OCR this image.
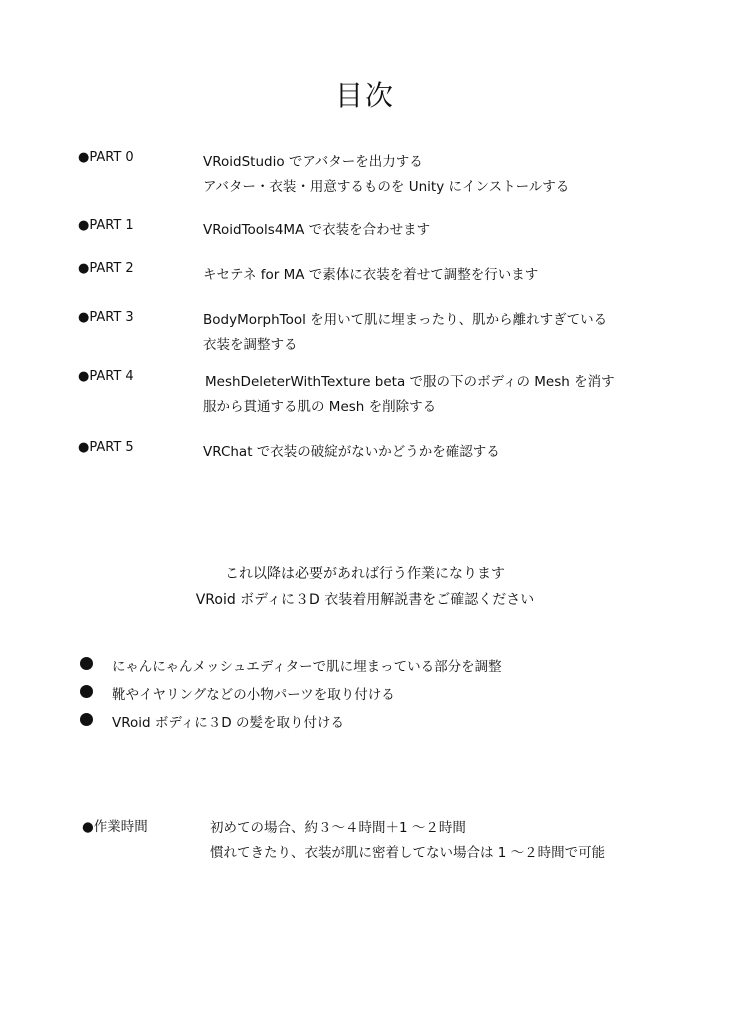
目次
●PART 0	VRoidStudio でアバターを出力する
アバター・衣装・用意するものを Unity にインストールする
●PART 1	VRoidTools4MA で衣装を合わせます
●PART 2	キセテネ for MA で素体に衣装を着せて調整を行います
●PART 3	BodyMorphTool を用いて肌に埋まったり、肌から離れすぎている
衣装を調整する
●PART 4	MeshDeleterWithTexture beta で服の下のボディの Mesh を消す
服から貫通する肌の Mesh を削除する
●PART 5	VRChat で衣装の破綻がないかどうかを確認する
これ以降は必要があれば行う作業になります
VRoid ボディに３D 衣装着用解説書をご確認ください
にゃんにゃんメッシュエディターで肌に埋まっている部分を調整
靴やイヤリングなどの小物パーツを取り付ける
VRoid ボディに３D の髪を取り付ける
●作業時間	初めての場合、約３～４時間＋1 ～２時間
慣れてきたり、衣装が肌に密着してない場合は 1 ～２時間で可能
